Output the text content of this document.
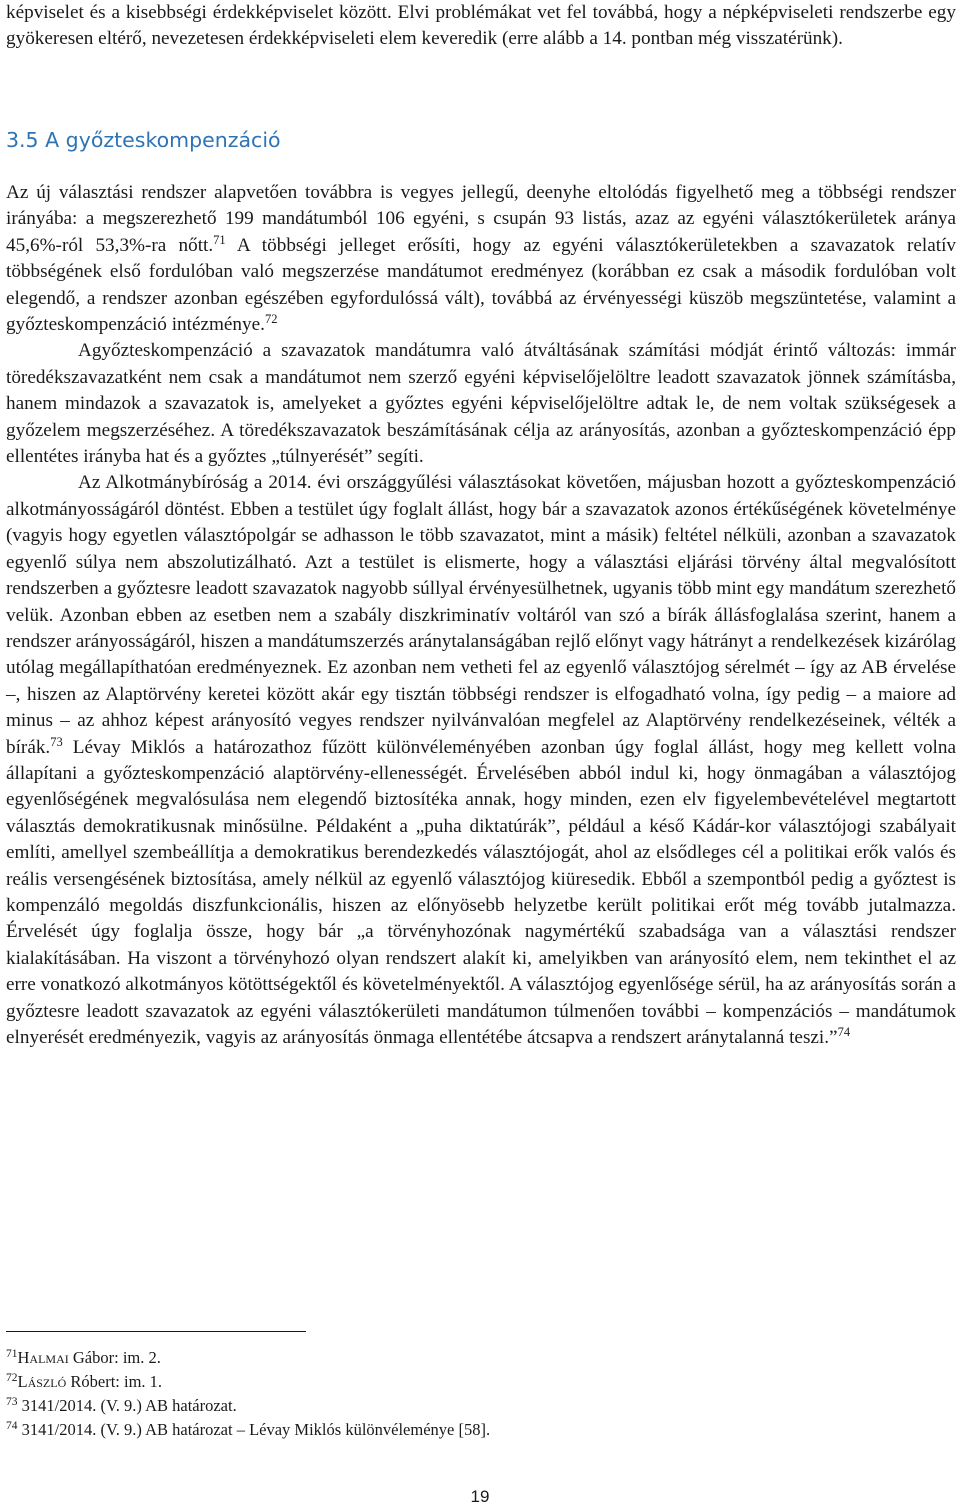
képviselet és a kisebbségi érdekképviselet között. Elvi problémákat vet fel továbbá, hogy a népképviseleti rendszerbe egy gyökeresen eltérő, nevezetesen érdekképviseleti elem keveredik (erre alább a 14. pontban még visszatérünk).

3.5 A győzteskompenzáció

Az új választási rendszer alapvetően továbbra is vegyes jellegű, deenyhe eltolódás figyelhető meg a többségi rendszer irányába: a megszerezhető 199 mandátumból 106 egyéni, s csupán 93 listás, azaz az egyéni választókerületek aránya 45,6%-ról 53,3%-ra nőtt.$^{71}$ A többségi jelleget erősíti, hogy az egyéni választókerületekben a szavazatok relatív többségének első fordulóban való megszerzése mandátumot eredményez (korábban ez csak a második fordulóban volt elegendő, a rendszer azonban egészében egyfordulóssá vált), továbbá az érvényességi küszöb megszüntetése, valamint a győzteskompenzáció intézménye.$^{72}$

Agyőzteskompenzáció a szavazatok mandátumra való átváltásának számítási módját érintő változás: immár töredékszavazatként nem csak a mandátumot nem szerző egyéni képviselőjelöltre leadott szavazatok jönnek számításba, hanem mindazok a szavazatok is, amelyeket a győztes egyéni képviselőjelöltre adtak le, de nem voltak szükségesek a győzelem megszerzéséhez. A töredékszavazatok beszámításának célja az arányosítás, azonban a győzteskompenzáció épp ellentétes irányba hat és a győztes „túlnyerését” segíti.

Az Alkotmánybíróság a 2014. évi országgyűlési választásokat követően, májusban hozott a győzteskompenzáció alkotmányosságáról döntést. Ebben a testület úgy foglalt állást, hogy bár a szavazatok azonos értékűségének követelménye (vagyis hogy egyetlen választópolgár se adhasson le több szavazatot, mint a másik) feltétel nélküli, azonban a szavazatok egyenlő súlya nem abszolutizálható. Azt a testület is elismerte, hogy a választási eljárási törvény által megvalósított rendszerben a győztesre leadott szavazatok nagyobb súllyal érvényesülhetnek, ugyanis több mint egy mandátum szerezhető velük. Azonban ebben az esetben nem a szabály diszkriminatív voltáról van szó a bírák állásfoglalása szerint, hanem a rendszer arányosságáról, hiszen a mandátumszerzés aránytalanságában rejlő előnyt vagy hátrányt a rendelkezések kizárólag utólag megállapíthatóan eredményeznek. Ez azonban nem vetheti fel az egyenlő választójog sérelmét – így az AB érvelése –, hiszen az Alaptörvény keretei között akár egy tisztán többségi rendszer is elfogadható volna, így pedig – a maiore ad minus – az ahhoz képest arányosító vegyes rendszer nyilvánvalóan megfelel az Alaptörvény rendelkezéseinek, vélték a bírák.$^{73}$ Lévay Miklós a határozathoz fűzött különvéleményében azonban úgy foglal állást, hogy meg kellett volna állapítani a győzteskompenzáció alaptörvény-ellenességét. Érvelésében abból indul ki, hogy önmagában a választójog egyenlőségének megvalósulása nem elegendő biztosítéka annak, hogy minden, ezen elv figyelembevételével megtartott választás demokratikusnak minősülne. Példaként a „puha diktatúrák”, például a késő Kádár-kor választójogi szabályait említi, amellyel szembeállítja a demokratikus berendezkedés választójogát, ahol az elsődleges cél a politikai erők valós és reális versengésének biztosítása, amely nélkül az egyenlő választójog kiüresedik. Ebből a szempontból pedig a győztest is kompenzáló megoldás diszfunkcionális, hiszen az előnyösebb helyzetbe került politikai erőt még tovább jutalmazza. Érvelését úgy foglalja össze, hogy bár „a törvényhozónak nagymértékű szabadsága van a választási rendszer kialakításában. Ha viszont a törvényhozó olyan rendszert alakít ki, amelyikben van arányosító elem, nem tekinthet el az erre vonatkozó alkotmányos kötöttségektől és követelményektől. A választójog egyenlősége sérül, ha az arányosítás során a győztesre leadott szavazatok az egyéni választókerületi mandátumon túlmenően további – kompenzációs – mandátumok elnyerését eredményezik, vagyis az arányosítás önmaga ellentétébe átcsapva a rendszert aránytalanná teszi.”$^{74}$

$^{71}$Halmai Gábor: im. 2.

$^{72}$László Róbert: im. 1.

$^{73}$ 3141/2014. (V. 9.) AB határozat.

$^{74}$ 3141/2014. (V. 9.) AB határozat – Lévay Miklós különvéleménye [58].

19
